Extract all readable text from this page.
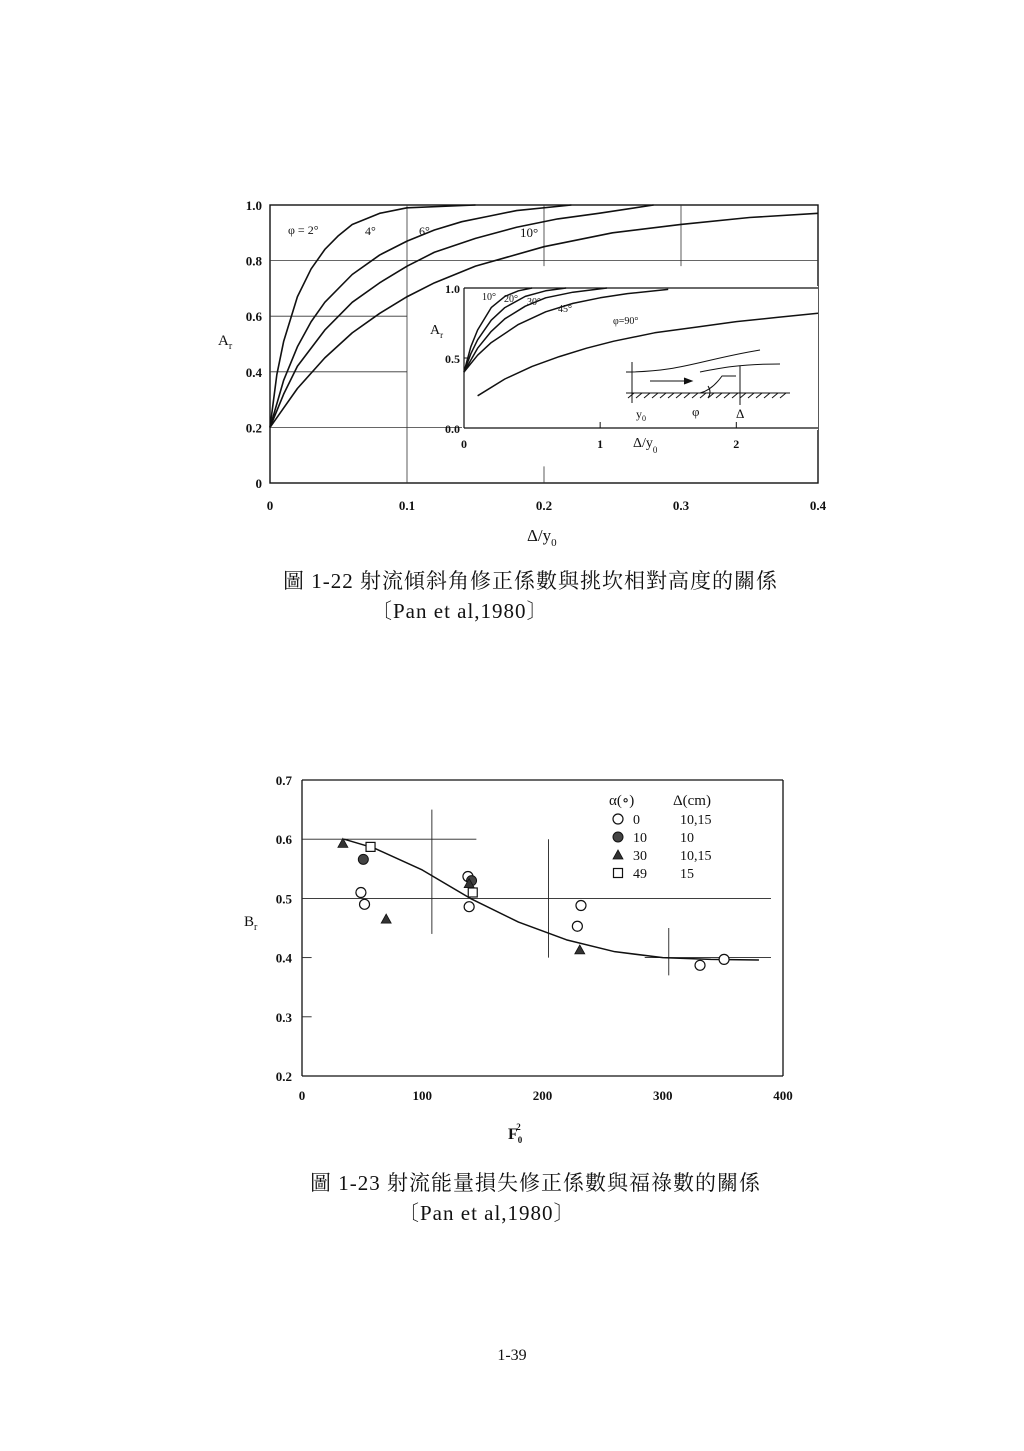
0
0.2
0.4
0.6
0.8
1.0
0	0.1	0.2	0.3	0.4
φ = 2°	4°	6°	10°
$A_r$
$\Delta/y_0$
0.0
0.5
1.0
0	1	2
10° 20° 30°
45°
φ=90°
$A_r$
$\Delta/y_0$
$y_0$	φ	Δ
圖 1-22 射流傾斜角修正係數與挑坎相對高度的關係
〔Pan et al,1980〕
0.2
0.3
0.4
0.5
0.6
0.7
0	100	200	300	400
$B_r$
$F_02$
α(∘)	Δ(cm)
0	10,15
10 10
30 10,15
49 15
圖 1-23 射流能量損失修正係數與福祿數的關係
〔Pan et al,1980〕
1-39
